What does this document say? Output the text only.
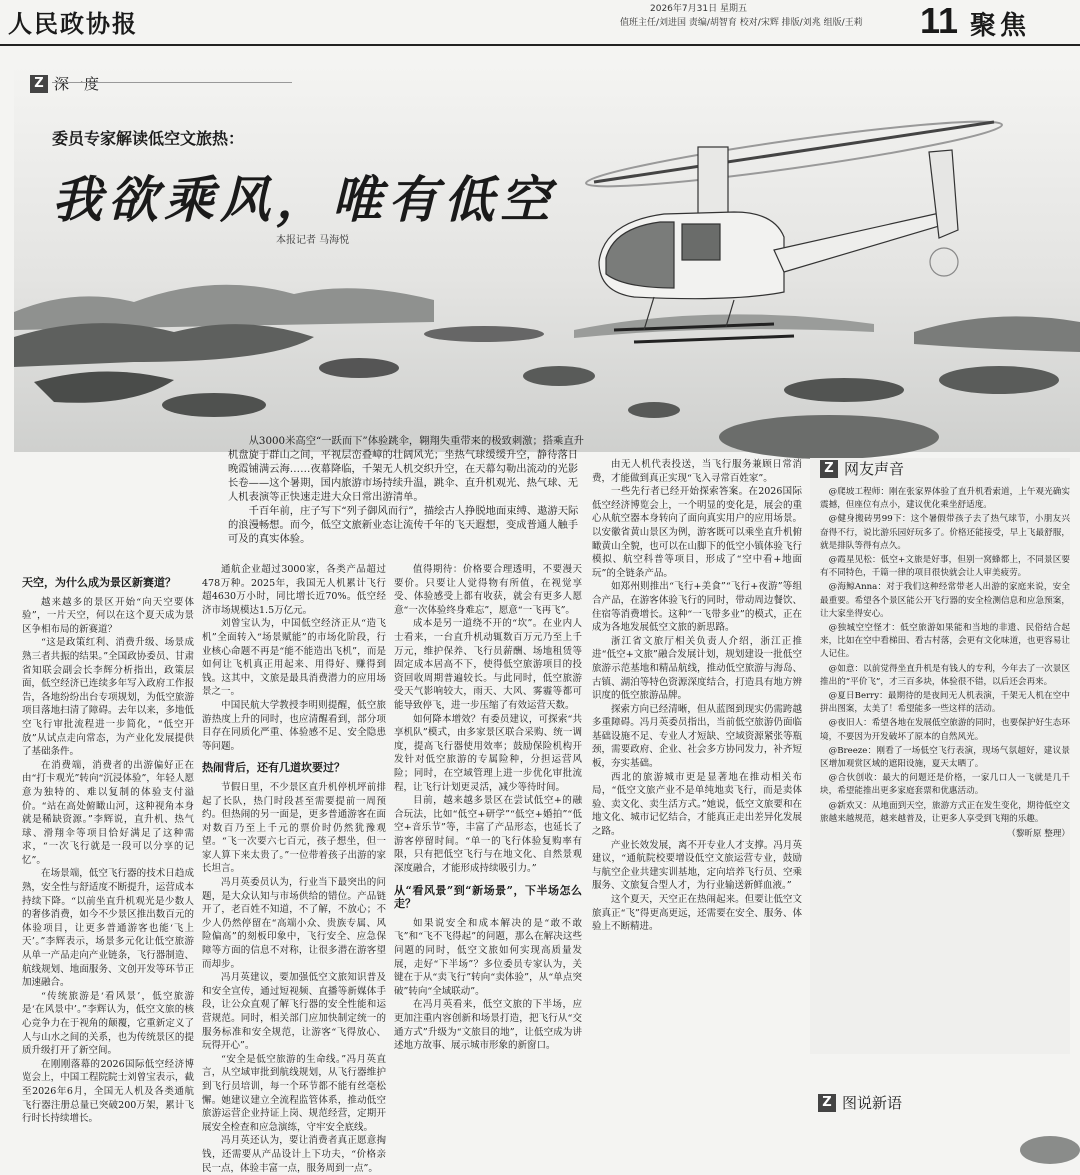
人民政协报	2026年7月31日 星期五
值班主任/刘进国 责编/胡智育 校对/宋辉 排版/刘兆 组版/王莉 11 聚焦
Z 深一度
委员专家解读低空文旅热：
我欲乘风，唯有低空
本报记者 马海悦

从3000米高空“一跃而下”体验跳伞，翱翔失重带来的极致刺激；搭乘直升机盘旋于群山之间，平视层峦叠嶂的壮阔风光；坐热气球缓缓升空，静待落日晚霞铺满云海……夜幕降临，千架无人机交织升空，在天幕勾勒出流动的光影长卷——这个暑期，国内旅游市场持续升温，跳伞、直升机观光、热气球、无人机表演等正快速走进大众日常出游清单。

千百年前，庄子写下“列子御风而行”，描绘古人挣脱地面束缚、遨游天际的浪漫畅想。而今，低空文旅新业态让流传千年的飞天遐想，变成普通人触手可及的真实体验。

天空，为什么成为景区新赛道？

越来越多的景区开始“向天空要体验”，一片天空，何以在这个夏天成为景区争相布局的新赛道？

“这是政策红利、消费升级、场景成熟三者共振的结果。”全国政协委员、甘肃省知联会副会长李辉分析指出，政策层面，低空经济已连续多年写入政府工作报告，各地纷纷出台专项规划，为低空旅游项目落地扫清了障碍。去年以来，多地低空飞行审批流程进一步简化，“低空开放”从试点走向常态，为产业化发展提供了基础条件。

在消费端，消费者的出游偏好正在由“打卡观光”转向“沉浸体验”，年轻人愿意为独特的、难以复制的体验支付溢价。“站在高处俯瞰山河，这种视角本身就是稀缺资源。”李辉说，直升机、热气球、滑翔伞等项目恰好满足了这种需求，“一次飞行就是一段可以分享的记忆”。

在场景端，低空飞行器的技术日趋成熟，安全性与舒适度不断提升，运营成本持续下降。“以前坐直升机观光是少数人的奢侈消费，如今不少景区推出数百元的体验项目，让更多普通游客也能‘飞上天’。”李辉表示，场景多元化让低空旅游从单一产品走向产业链条，飞行器制造、航线规划、地面服务、文创开发等环节正加速融合。

“传统旅游是‘看风景’，低空旅游是‘在风景中’。”李辉认为，低空文旅的核心竞争力在于视角的颠覆，它重新定义了人与山水之间的关系，也为传统景区的提质升级打开了新空间。

在刚刚落幕的2026国际低空经济博览会上，中国工程院院士刘曾宝表示，截至2026年6月，全国无人机及各类通航飞行器注册总量已突破200万架，累计飞行时长持续增长。

通航企业超过3000家，各类产品超过478万种。2025年，我国无人机累计飞行超4630万小时，同比增长近70%。低空经济市场规模达1.5万亿元。

刘曾宝认为，中国低空经济正从“造飞机”全面转入“场景赋能”的市场化阶段，行业核心命题不再是“能不能造出飞机”，而是如何让飞机真正用起来、用得好、赚得到钱。这其中，文旅是最具消费潜力的应用场景之一。

中国民航大学教授李明则提醒，低空旅游热度上升的同时，也应清醒看到，部分项目存在同质化严重、体验感不足、安全隐患等问题。

热闹背后，还有几道坎要过？

节假日里，不少景区直升机停机坪前排起了长队，热门时段甚至需要提前一周预约。但热闹的另一面是，更多普通游客在面对数百乃至上千元的票价时仍然犹豫观望。“飞一次要六七百元，孩子想坐，但一家人算下来太贵了。”一位带着孩子出游的家长坦言。

冯月英委员认为，行业当下最突出的问题，是大众认知与市场供给的错位。产品链开了，老百姓不知道，不了解，不放心；不少人仍然停留在“高端小众、贵族专属、风险偏高”的刻板印象中，飞行安全、应急保障等方面的信息不对称，让很多潜在游客望而却步。

冯月英建议，要加强低空文旅知识普及和安全宣传，通过短视频、直播等新媒体手段，让公众直观了解飞行器的安全性能和运营规范。同时，相关部门应加快制定统一的服务标准和安全规范，让游客“飞得放心、玩得开心”。

“安全是低空旅游的生命线。”冯月英直言，从空域审批到航线规划，从飞行器维护到飞行员培训，每一个环节都不能有丝毫松懈。她建议建立全流程监管体系，推动低空旅游运营企业持证上岗、规范经营，定期开展安全检查和应急演练，守牢安全底线。

冯月英还认为，要让消费者真正愿意掏钱，还需要从产品设计上下功夫，“价格亲民一点，体验丰富一点，服务周到一点”。

值得期待：价格要合理透明，不要漫天要价。只要让人觉得物有所值，在视觉享受、体验感受上都有收获，就会有更多人愿意“一次体验终身难忘”，愿意“一飞再飞”。

成本是另一道绕不开的“坎”。在业内人士看来，一台直升机动辄数百万元乃至上千万元，维护保养、飞行员薪酬、场地租赁等固定成本居高不下，使得低空旅游项目的投资回收周期普遍较长。与此同时，低空旅游受天气影响较大，雨天、大风、雾霾等都可能导致停飞，进一步压缩了有效运营天数。

如何降本增效？有委员建议，可探索“共享机队”模式，由多家景区联合采购、统一调度，提高飞行器使用效率；鼓励保险机构开发针对低空旅游的专属险种，分担运营风险；同时，在空域管理上进一步优化审批流程，让飞行计划更灵活，减少等待时间。

目前，越来越多景区在尝试低空+的融合玩法，比如“低空+研学”“低空+婚拍”“低空+音乐节”等，丰富了产品形态，也延长了游客停留时间。“单一的飞行体验复购率有限，只有把低空飞行与在地文化、自然景观深度融合，才能形成持续吸引力。”

从“看风景”到“新场景”，下半场怎么走？

如果说安全和成本解决的是“敢不敢飞”和“飞不飞得起”的问题，那么在解决这些问题的同时，低空文旅如何实现高质量发展，走好“下半场”？多位委员专家认为，关键在于从“卖飞行”转向“卖体验”，从“单点突破”转向“全域联动”。

在冯月英看来，低空文旅的下半场，应更加注重内容创新和场景打造，把飞行从“交通方式”升级为“文旅目的地”，让低空成为讲述地方故事、展示城市形象的新窗口。

由无人机代表投送，当飞行服务兼顾日常消费，才能做到真正实现“飞入寻常百姓家”。

一些先行者已经开始探索答案。在2026国际低空经济博览会上，一个明显的变化是，展会的重心从航空器本身转向了面向真实用户的应用场景。以安徽省黄山景区为例，游客既可以乘坐直升机俯瞰黄山全貌，也可以在山脚下的低空小镇体验飞行模拟、航空科普等项目，形成了“空中看+地面玩”的全链条产品。

如郑州则推出“飞行+美食”“飞行+夜游”等组合产品，在游客体验飞行的同时，带动周边餐饮、住宿等消费增长。这种“一飞带多业”的模式，正在成为各地发展低空文旅的新思路。

浙江省文旅厅相关负责人介绍，浙江正推进“低空+文旅”融合发展计划，规划建设一批低空旅游示范基地和精品航线，推动低空旅游与海岛、古镇、湖泊等特色资源深度结合，打造具有地方辨识度的低空旅游品牌。

探索方向已经清晰，但从蓝图到现实仍需跨越多重障碍。冯月英委员指出，当前低空旅游仍面临基础设施不足、专业人才短缺、空域资源紧张等瓶颈，需要政府、企业、社会多方协同发力，补齐短板，夯实基础。

西北的旅游城市更是显著地在推动相关布局，“低空文旅产业不是单纯地卖飞行，而是卖体验、卖文化、卖生活方式。”她说，低空文旅要和在地文化、城市记忆结合，才能真正走出差异化发展之路。

产业长效发展，离不开专业人才支撑。冯月英建议，“通航院校要增设低空文旅运营专业，鼓励与航空企业共建实训基地，定向培养飞行员、空乘服务、文旅复合型人才，为行业输送新鲜血液。”

这个夏天，天空正在热闹起来。但要让低空文旅真正“飞”得更高更远，还需要在安全、服务、体验上不断精进。

Z 网友声音

@爬坡工程师：刚在张家界体验了直升机看索道，上午观光确实震撼，但座位有点小，建议优化乘坐舒适度。

@健身搬砖男99下：这个暑假带孩子去了热气球节，小朋友兴奋得不行，说比游乐园好玩多了。价格还能接受，早上飞最舒服，就是排队等得有点久。

@霞星见松：低空+文旅是好事，但别一窝蜂都上，不同景区要有不同特色，千篇一律的项目很快就会让人审美疲劳。

@海鲸Anna：对于我们这种经常带老人出游的家庭来说，安全最重要。希望各个景区能公开飞行器的安全检测信息和应急预案，让大家坐得安心。

@独城空空怪才：低空旅游如果能和当地的非遗、民俗结合起来，比如在空中看梯田、看古村落，会更有文化味道，也更容易让人记住。

@如意：以前觉得坐直升机是有钱人的专利，今年去了一次景区推出的“平价飞”，才三百多块，体验很不错，以后还会再来。

@夏日Berry：最期待的是夜间无人机表演，千架无人机在空中拼出图案，太美了！希望能多一些这样的活动。

@夜旧人：希望各地在发展低空旅游的同时，也要保护好生态环境，不要因为开发破坏了原本的自然风光。

@Breeze：刚看了一场低空飞行表演，现场气氛超好，建议景区增加观赏区域的遮阳设施，夏天太晒了。

@合伙创收：最大的问题还是价格，一家几口人一飞就是几千块，希望能推出更多家庭套票和优惠活动。

@新欢又：从地面到天空，旅游方式正在发生变化，期待低空文旅越来越规范，越来越普及，让更多人享受到飞翔的乐趣。

（黎昕原 整理）
Z 图说新语
